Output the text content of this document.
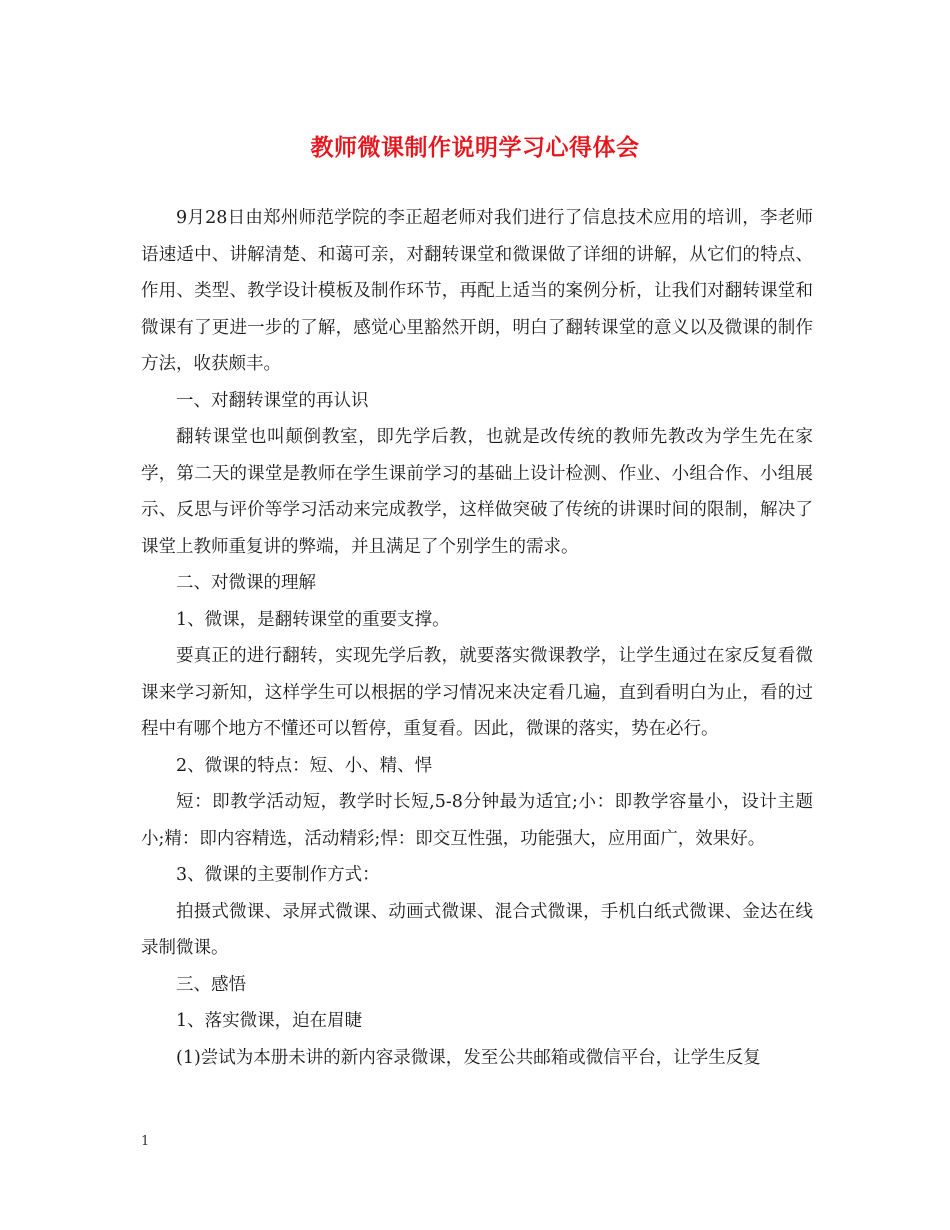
教师微课制作说明学习心得体会

9月28日由郑州师范学院的李正超老师对我们进行了信息技术应用的培训，李老师语速适中、讲解清楚、和蔼可亲，对翻转课堂和微课做了详细的讲解，从它们的特点、作用、类型、教学设计模板及制作环节，再配上适当的案例分析，让我们对翻转课堂和微课有了更进一步的了解，感觉心里豁然开朗，明白了翻转课堂的意义以及微课的制作方法，收获颇丰。

一、对翻转课堂的再认识

翻转课堂也叫颠倒教室，即先学后教，也就是改传统的教师先教改为学生先在家学，第二天的课堂是教师在学生课前学习的基础上设计检测、作业、小组合作、小组展示、反思与评价等学习活动来完成教学，这样做突破了传统的讲课时间的限制，解决了课堂上教师重复讲的弊端，并且满足了个别学生的需求。

二、对微课的理解

1、微课，是翻转课堂的重要支撑。

要真正的进行翻转，实现先学后教，就要落实微课教学，让学生通过在家反复看微课来学习新知，这样学生可以根据的学习情况来决定看几遍，直到看明白为止，看的过程中有哪个地方不懂还可以暂停，重复看。因此，微课的落实，势在必行。

2、微课的特点：短、小、精、悍

短：即教学活动短，教学时长短,5-8分钟最为适宜;小：即教学容量小，设计主题小;精：即内容精选，活动精彩;悍：即交互性强，功能强大，应用面广，效果好。

3、微课的主要制作方式：

拍摄式微课、录屏式微课、动画式微课、混合式微课，手机白纸式微课、金达在线录制微课。

三、感悟

1、落实微课，迫在眉睫

(1)尝试为本册未讲的新内容录微课，发至公共邮箱或微信平台，让学生反复

1
